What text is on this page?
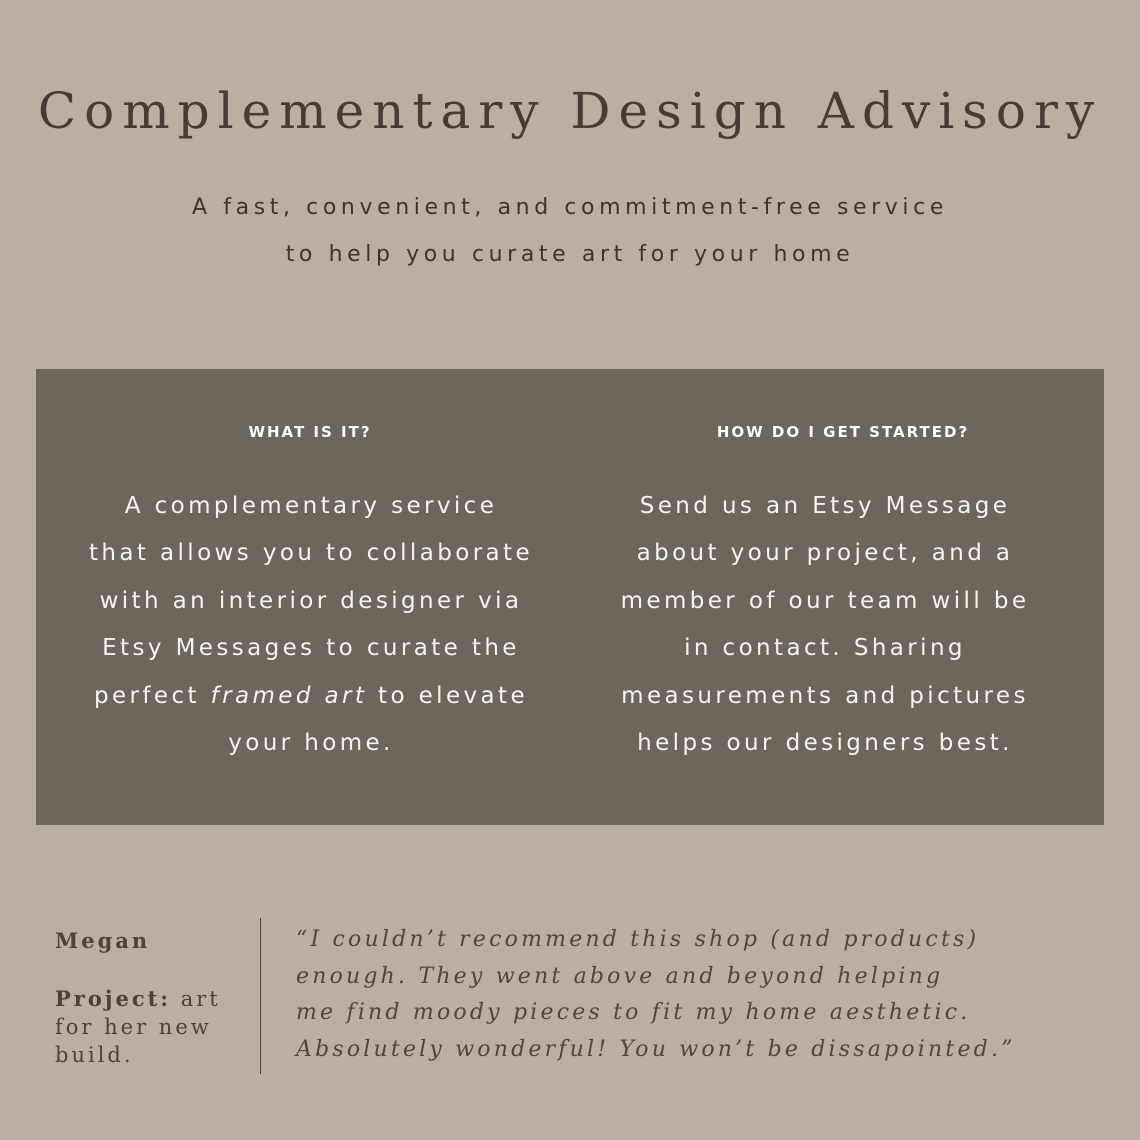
Complementary Design Advisory
A fast, convenient, and commitment-free service
to help you curate art for your home
WHAT IS IT?	HOW DO I GET STARTED?

A complementary service
that allows you to collaborate
with an interior designer via
Etsy Messages to curate the
perfect framed art to elevate
your home.

Send us an Etsy Message
about your project, and a
member of our team will be
in contact. Sharing
measurements and pictures
helps our designers best.

Megan

Project: art
for her new
build.

“I couldn’t recommend this shop (and products)
enough. They went above and beyond helping
me find moody pieces to fit my home aesthetic.
Absolutely wonderful! You won’t be dissapointed.”
